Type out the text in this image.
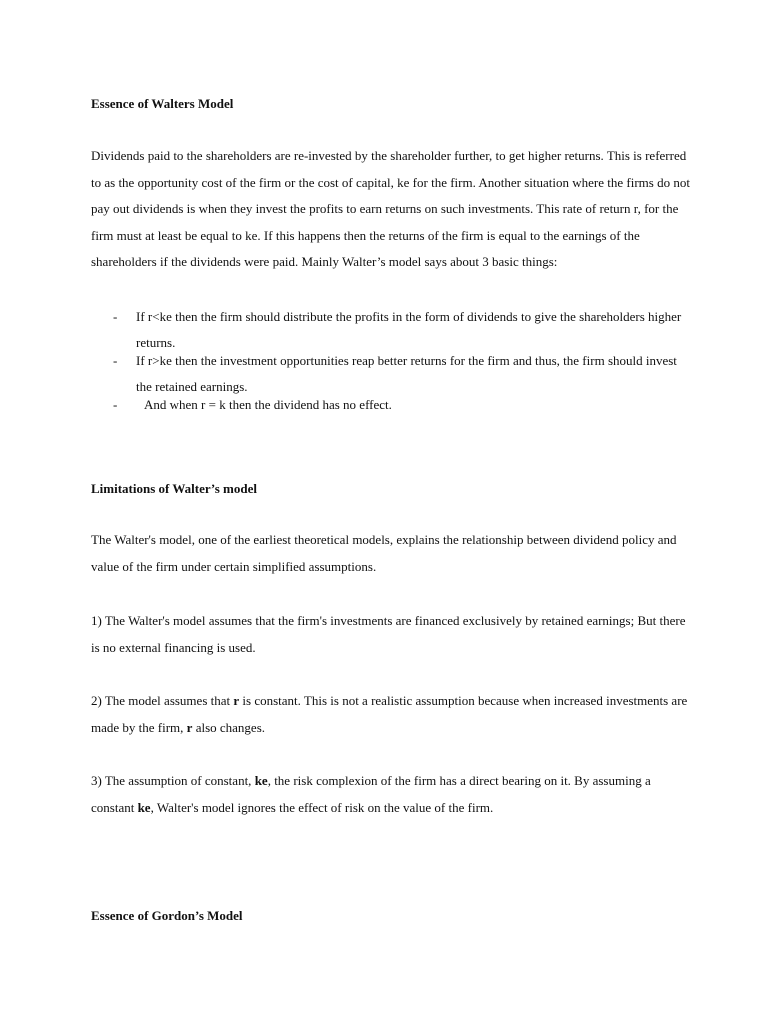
Essence of Walters Model

Dividends paid to the shareholders are re-invested by the shareholder further, to get higher returns. This is referred to as the opportunity cost of the firm or the cost of capital, ke for the firm. Another situation where the firms do not pay out dividends is when they invest the profits to earn returns on such investments. This rate of return r, for the firm must at least be equal to ke. If this happens then the returns of the firm is equal to the earnings of the shareholders if the dividends were paid. Mainly Walter’s model says about 3 basic things:

- If r<ke then the firm should distribute the profits in the form of dividends to give the shareholders higher returns.
- If r>ke then the investment opportunities reap better returns for the firm and thus, the firm should invest the retained earnings.
- And when r = k then the dividend has no effect.
Limitations of Walter’s model

The Walter's model, one of the earliest theoretical models, explains the relationship between dividend policy and value of the firm under certain simplified assumptions.

1) The Walter's model assumes that the firm's investments are financed exclusively by retained earnings; But there is no external financing is used.

2) The model assumes that r is constant. This is not a realistic assumption because when increased investments are made by the firm, r also changes.

3) The assumption of constant, ke, the risk complexion of the firm has a direct bearing on it. By assuming a constant ke, Walter's model ignores the effect of risk on the value of the firm.

Essence of Gordon’s Model
